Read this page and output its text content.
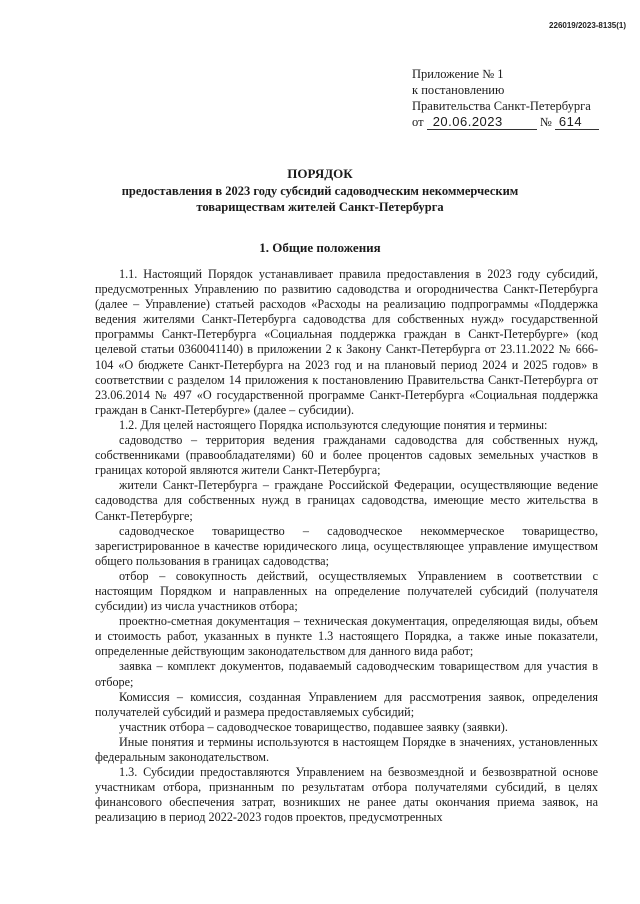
226019/2023-8135(1)
Приложение № 1
к постановлению
Правительства Санкт-Петербурга
от 20.06.2023	№ 614
ПОРЯДОК
предоставления в 2023 году субсидий садоводческим некоммерческим товариществам жителей Санкт-Петербурга
1. Общие положения

1.1. Настоящий Порядок устанавливает правила предоставления в 2023 году субсидий, предусмотренных Управлению по развитию садоводства и огородничества Санкт-Петербурга (далее – Управление) статьей расходов «Расходы на реализацию подпрограммы «Поддержка ведения жителями Санкт-Петербурга садоводства для собственных нужд» государственной программы Санкт-Петербурга «Социальная поддержка граждан в Санкт-Петербурге» (код целевой статьи 0360041140) в приложении 2 к Закону Санкт-Петербурга от 23.11.2022 № 666-104 «О бюджете Санкт-Петербурга на 2023 год и на плановый период 2024 и 2025 годов» в соответствии с разделом 14 приложения к постановлению Правительства Санкт-Петербурга от 23.06.2014 № 497 «О государственной программе Санкт-Петербурга «Социальная поддержка граждан в Санкт-Петербурге» (далее – субсидии).

1.2. Для целей настоящего Порядка используются следующие понятия и термины:

садоводство – территория ведения гражданами садоводства для собственных нужд, собственниками (правообладателями) 60 и более процентов садовых земельных участков в границах которой являются жители Санкт-Петербурга;

жители Санкт-Петербурга – граждане Российской Федерации, осуществляющие ведение садоводства для собственных нужд в границах садоводства, имеющие место жительства в Санкт-Петербурге;

садоводческое товарищество – садоводческое некоммерческое товарищество, зарегистрированное в качестве юридического лица, осуществляющее управление имуществом общего пользования в границах садоводства;

отбор – совокупность действий, осуществляемых Управлением в соответствии с настоящим Порядком и направленных на определение получателей субсидий (получателя субсидии) из числа участников отбора;

проектно-сметная документация – техническая документация, определяющая виды, объем и стоимость работ, указанных в пункте 1.3 настоящего Порядка, а также иные показатели, определенные действующим законодательством для данного вида работ;

заявка – комплект документов, подаваемый садоводческим товариществом для участия в отборе;

Комиссия – комиссия, созданная Управлением для рассмотрения заявок, определения получателей субсидий и размера предоставляемых субсидий;

участник отбора – садоводческое товарищество, подавшее заявку (заявки).

Иные понятия и термины используются в настоящем Порядке в значениях, установленных федеральным законодательством.

1.3. Субсидии предоставляются Управлением на безвозмездной и безвозвратной основе участникам отбора, признанным по результатам отбора получателями субсидий, в целях финансового обеспечения затрат, возникших не ранее даты окончания приема заявок, на реализацию в период 2022-2023 годов проектов, предусмотренных
